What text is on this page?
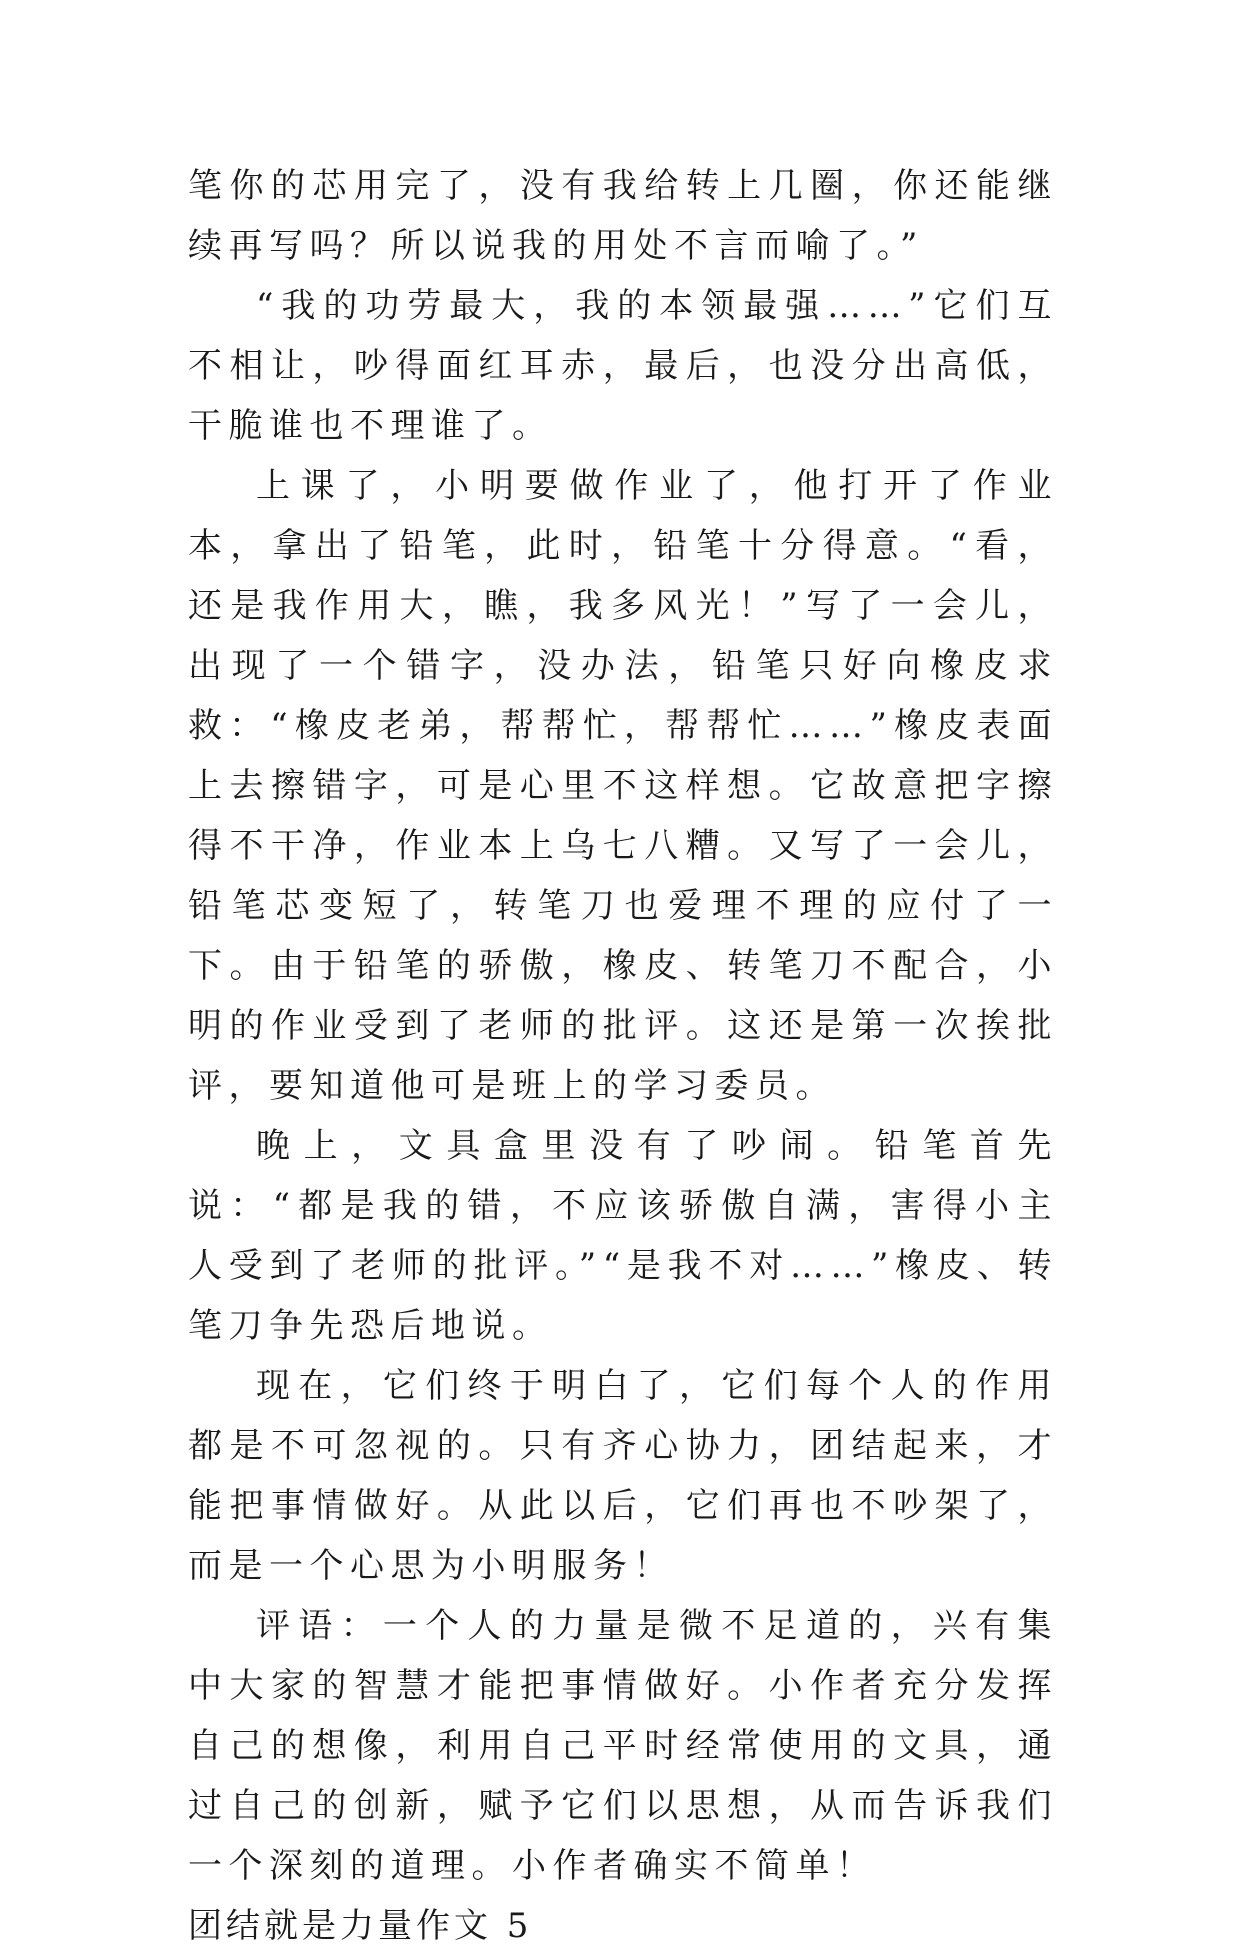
笔你的芯用完了，没有我给转上几圈，你还能继续再写吗？所以说我的用处不言而喻了。”

“我的功劳最大，我的本领最强……”它们互不相让，吵得面红耳赤，最后，也没分出高低，干脆谁也不理谁了。

上课了，小明要做作业了，他打开了作业本，拿出了铅笔，此时，铅笔十分得意。“看，还是我作用大，瞧，我多风光！”写了一会儿，出现了一个错字，没办法，铅笔只好向橡皮求救：“橡皮老弟，帮帮忙，帮帮忙……”橡皮表面上去擦错字，可是心里不这样想。它故意把字擦得不干净，作业本上乌七八糟。又写了一会儿，铅笔芯变短了，转笔刀也爱理不理的应付了一下。由于铅笔的骄傲，橡皮、转笔刀不配合，小明的作业受到了老师的批评。这还是第一次挨批评，要知道他可是班上的学习委员。

晚上，文具盒里没有了吵闹。铅笔首先说：“都是我的错，不应该骄傲自满，害得小主人受到了老师的批评。”“是我不对……”橡皮、转笔刀争先恐后地说。

现在，它们终于明白了，它们每个人的作用都是不可忽视的。只有齐心协力，团结起来，才能把事情做好。从此以后，它们再也不吵架了，而是一个心思为小明服务！

评语：一个人的力量是微不足道的，兴有集中大家的智慧才能把事情做好。小作者充分发挥自己的想像，利用自己平时经常使用的文具，通过自己的创新，赋予它们以思想，从而告诉我们一个深刻的道理。小作者确实不简单！

团结就是力量作文 5
